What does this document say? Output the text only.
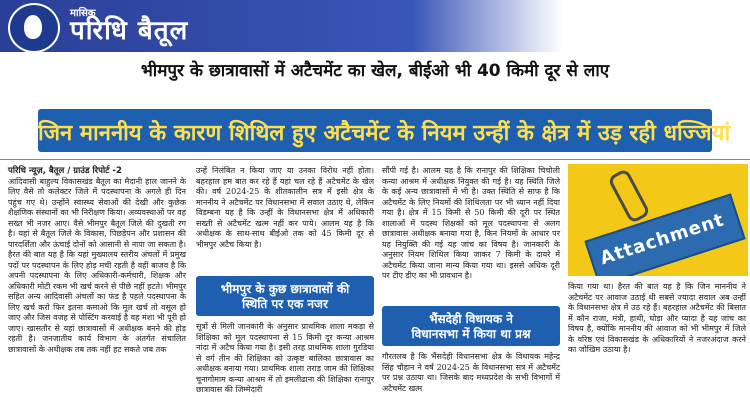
मासिक
परिधि बैतूल
भीमपुर के छात्रावासों में अटैचमेंट का खेल, बीईओ भी 40 किमी दूर से लाए
जिन माननीय के कारण शिथिल हुए अटैचमेंट के नियम उन्हीं के क्षेत्र में उड़ रही धज्जियां

परिधि न्यूज़, बैतूल / ग्राउंड रिपोर्ट -2

आदिवासी बाहुल्य विकासखंड बैतूल का मैदानी हाल जानने के लिए वैसे तो कलेक्टर जिले में पदस्थापना के अगले ही दिन पहुंच गए थे। उन्होंने स्वास्थ्य सेवाओं की देखी और कुछेक शैक्षणिक संस्थानों का भी निरीक्षण किया। अव्यवस्थाओं पर वह सख्त भी नजर आए। वैसे भीमपुर बैतूल जिले की दुखती रग है। यहां से बैतूल जिले के विकास, पिछड़ेपन और प्रशासन की पारदर्शिता और ऊंचाई दोनों को आसानी से नापा जा सकता है। हैरत की बात यह है कि यहां मुख्यालय स्तरीय अंचलों में प्रमुख पदों पर पदस्थापन के लिए होड़ मची रहती है वहीं बाजव है कि अपनी पदस्थापना के लिए अधिकारी-कर्मचारी, शिक्षक और अधिकारी मोटी रकम भी खर्च करने से पीछे नहीं हटते। भीमपुर सहित अन्य आदिवासी अंचलों का फंड है पहले पदस्थापना के लिए खर्च करो फिर इतना कमाओ कि मूल खर्च तो वसूल हो जाए और जिस वजह से पोस्टिंग करवाई है वह मंशा भी पूरी हो जाए। खासतौर से यहां छात्रावासों में अधीक्षक बनने की होड़ रहती है। जनजातीय कार्य विभाग के अंतर्गत संचालित छात्रावासों के अधीक्षक तब तक नहीं हट सकते जब तक

उन्हें निलंबित न किया जाए या उनका विरोध नहीं होता। बहरहाल हम बात कर रहे हैं यहां चल रहे हैं अटैचमेंट के खेल की। वर्ष 2024-25 के शीतकालीन सत्र में इसी क्षेत्र के माननीय ने अटैचमेंट पर विधानसभा में सवाल उठाए थे, लेकिन विडम्बना यह है कि उन्हीं के विधानसभा क्षेत्र में अधिकारी सख्ती से अटैचमेंट खत्म नहीं कर पाये। आलम यह है कि अधीक्षक के साथ-साथ बीईओ तक को 45 किमी दूर से भीमपुर अटैच किया है।

भीमपुर के कुछ छात्रावासों की
स्थिति पर एक नजर

सूत्रों से मिली जानकारी के अनुसार प्राथमिक शाला मकड़ा से शिक्षिका को मूल पदस्थापना से 15 किमी दूर कन्या आश्रम नांदा में अटैच किया गया है। इसी तरह प्राथमिक शाला गुरडिया से वर्ग तीन की शिक्षिका को उत्कृष्ट बालिका छात्रावास का अधीक्षक बनाया गया। प्राथमिक शाला तराड़ जाम की शिक्षिका चूनागोमाम कन्या आश्रम में तो इमलीढाना की शिक्षिका रानापुर छात्रावास की जिम्मेदारी

सौंपी गई है। आलम यह है कि रानापुर की शिक्षिका चिचोली कन्या आश्रम में अधीक्षक नियुक्त की गई है। यह स्थिति जिले के कई अन्य छात्रावासों में भी है। उक्त स्थिति से साफ है कि अटैचमेंट के लिए नियमों की शिथिलता पर भी ध्यान नहीं दिया गया है। क्षेत्र में 15 किमी से 50 किमी की दूरी पर स्थित शालाओं में पदस्थ शिक्षकों को मूल पदस्थापना से अलग छात्रावास अधीक्षक बनाया गया है, किन नियमों के आधार पर यह नियुक्ति की गई यह जांच का विषय है। जानकारी के अनुसार नियम शिथिल किया जाकर 7 किमी के दायरे में अटैचमेंट किया जाना मान्य किया गया था। इससे अधिक दूरी पर टीए डीए का भी प्रावधान है।

भैंसदेही विधायक ने
विधानसभा में किया था प्रश्न

गौरतलब है कि भैंसदेही विधानसभा क्षेत्र के विधायक महेन्द्र सिंह चौहान ने वर्ष 2024-25 के विधानसभा सत्र में अटैचमेंट पर प्रश्न उठाया था। जिसके बाद मध्यप्रदेश के सभी विभागों में अटैचमेंट खत्म

Attachment

किया गया था। हैरत की बात यह है कि जिन माननीय ने अटैचमेंट पर आवाज उठाई थी सबसे ज्यादा सवाल अब उन्हीं के विधानसभा क्षेत्र में उठ रहे हैं। बहरहाल अटैचमेंट की बिसात में कौन राजा, मंत्री, हाथी, घोड़ा और प्यादा है यह जांच का विषय है, क्योंकि माननीय की आवाज को भी भीमपुर में जिले के वरिष्ठ एवं विकासखंड के अधिकारियों ने नजरअंदाज करने का जोखिम उठाया है।
